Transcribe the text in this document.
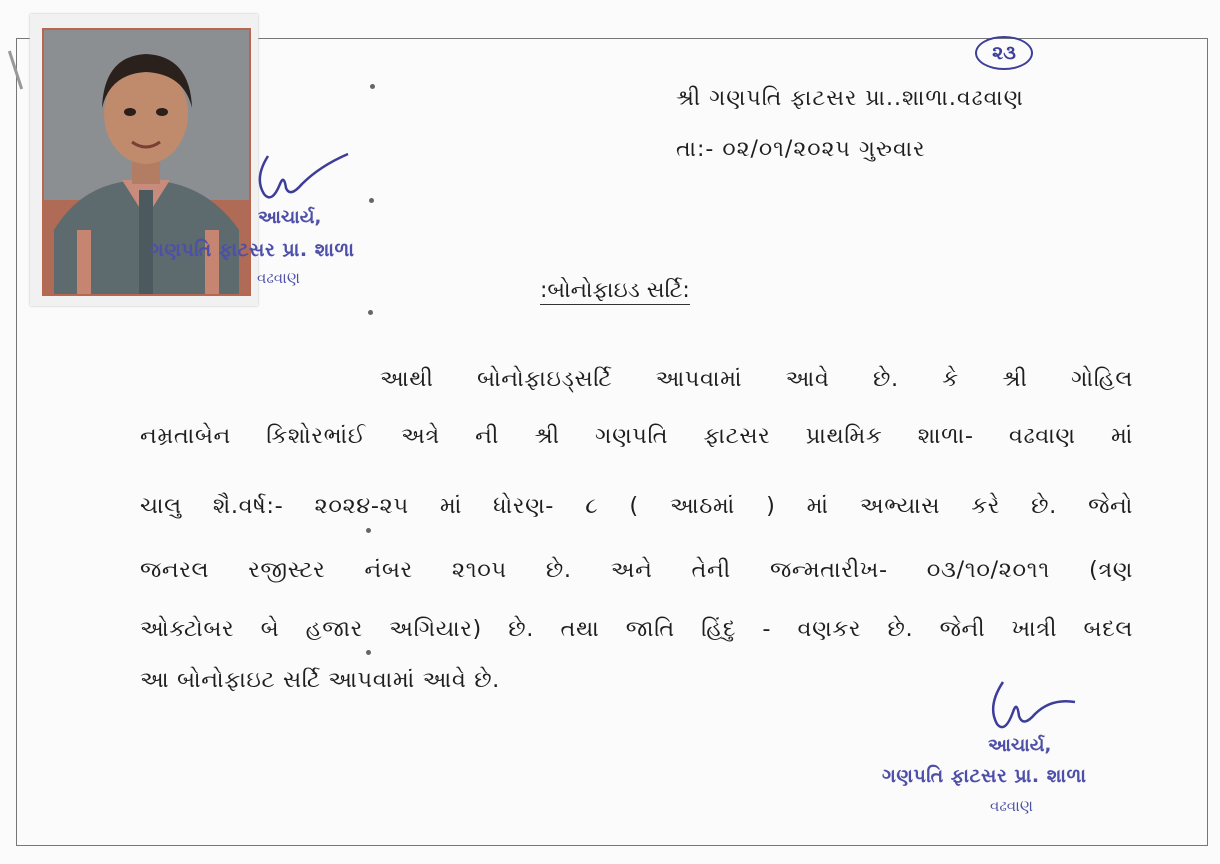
આચાર્ય,
ગણપતિ ફાટસર પ્રા. શાળા
વઢવાણ
૨૩
શ્રી ગણપતિ ફાટસર પ્રા..શાળા.વઢવાણ
તા:- ૦૨/૦૧/૨૦૨૫ ગુરુવાર
:બોનોફાઇડ સર્ટિ:
આથી બોનોફાઇડ્સર્ટિ આપવામાં આવે છે. કે શ્રી ગોહિલ
નમ્રતાબેન કિશોરભાંઈ અત્રે ની શ્રી ગણપતિ ફાટસર પ્રાથમિક શાળા- વઢવાણ માં
ચાલુ શૈ.વર્ષ:- ૨૦૨૪-૨૫ માં ધોરણ- ૮ ( આઠમાં ) માં અભ્યાસ કરે છે. જેનો
જનરલ રજીસ્ટર નંબર ૨૧૦૫ છે. અને તેની જન્મતારીખ- ૦૩/૧૦/૨૦૧૧ (ત્રણ
ઓક્ટોબર બે હજાર અગિયાર) છે. તથા જાતિ હિંદુ - વણકર છે. જેની ખાત્રી બદલ
આ બોનોફાઇટ સર્ટિ આપવામાં આવે છે.
આચાર્ય,
ગણપતિ ફાટસર પ્રા. શાળા
વઢવાણ
